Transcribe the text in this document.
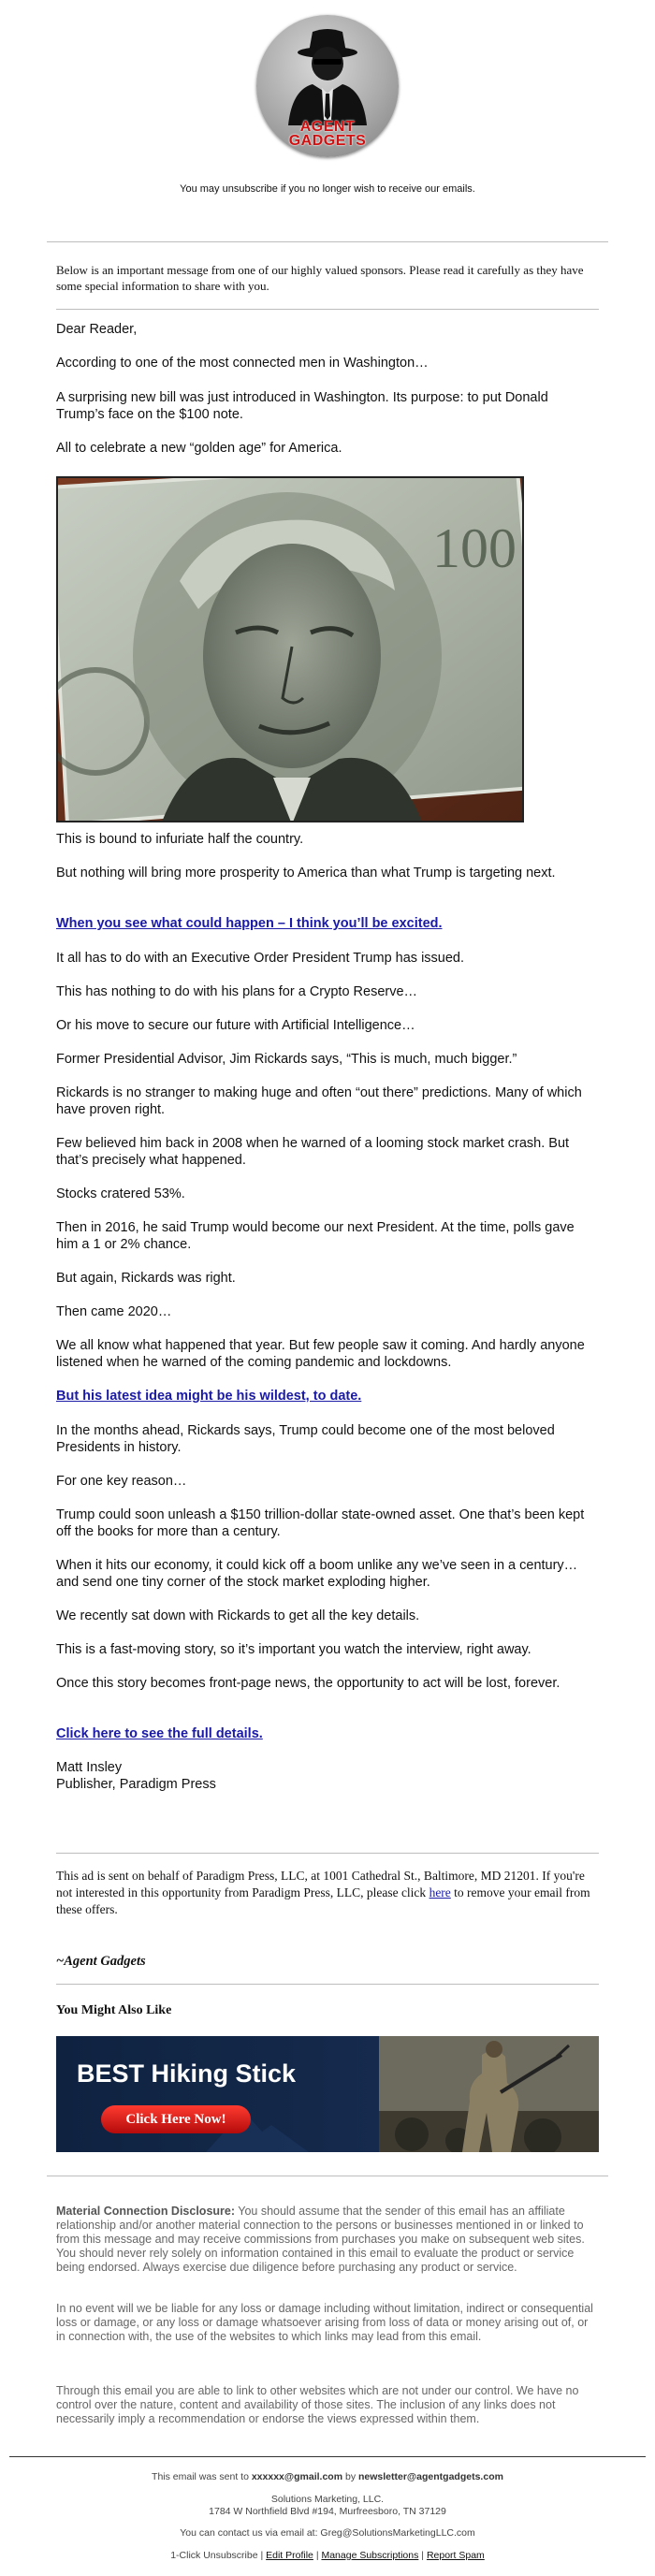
AGENT
GADGETS
You may unsubscribe if you no longer wish to receive our emails.
Below is an important message from one of our highly valued sponsors. Please read it carefully as they have some special information to share with you.

Dear Reader,

According to one of the most connected men in Washington…

A surprising new bill was just introduced in Washington. Its purpose: to put Donald Trump’s face on the $100 note.

All to celebrate a new “golden age” for America.

100

This is bound to infuriate half the country.

But nothing will bring more prosperity to America than what Trump is targeting next.

When you see what could happen – I think you’ll be excited.

It all has to do with an Executive Order President Trump has issued.

This has nothing to do with his plans for a Crypto Reserve…

Or his move to secure our future with Artificial Intelligence…

Former Presidential Advisor, Jim Rickards says, “This is much, much bigger.”

Rickards is no stranger to making huge and often “out there” predictions. Many of which have proven right.

Few believed him back in 2008 when he warned of a looming stock market crash. But that’s precisely what happened.

Stocks cratered 53%.

Then in 2016, he said Trump would become our next President. At the time, polls gave him a 1 or 2% chance.

But again, Rickards was right.

Then came 2020…

We all know what happened that year. But few people saw it coming. And hardly anyone listened when he warned of the coming pandemic and lockdowns.

But his latest idea might be his wildest, to date.

In the months ahead, Rickards says, Trump could become one of the most beloved Presidents in history.

For one key reason…

Trump could soon unleash a $150 trillion-dollar state-owned asset. One that’s been kept off the books for more than a century.

When it hits our economy, it could kick off a boom unlike any we’ve seen in a century… and send one tiny corner of the stock market exploding higher.

We recently sat down with Rickards to get all the key details.

This is a fast-moving story, so it’s important you watch the interview, right away.

Once this story becomes front-page news, the opportunity to act will be lost, forever.

Click here to see the full details.

Matt Insley

Publisher, Paradigm Press

This ad is sent on behalf of Paradigm Press, LLC, at 1001 Cathedral St., Baltimore, MD 21201. If you're not interested in this opportunity from Paradigm Press, LLC, please click here to remove your email from these offers.
~Agent Gadgets
You Might Also Like
BEST Hiking Stick
Click Here Now!
Material Connection Disclosure: You should assume that the sender of this email has an affiliate relationship and/or another material connection to the persons or businesses mentioned in or linked to from this message and may receive commissions from purchases you make on subsequent web sites. You should never rely solely on information contained in this email to evaluate the product or service being endorsed. Always exercise due diligence before purchasing any product or service.
In no event will we be liable for any loss or damage including without limitation, indirect or consequential loss or damage, or any loss or damage whatsoever arising from loss of data or money arising out of, or in connection with, the use of the websites to which links may lead from this email.
Through this email you are able to link to other websites which are not under our control. We have no control over the nature, content and availability of those sites. The inclusion of any links does not necessarily imply a recommendation or endorse the views expressed within them.
This email was sent to xxxxxx@gmail.com by newsletter@agentgadgets.com
Solutions Marketing, LLC.
1784 W Northfield Blvd #194, Murfreesboro, TN 37129
You can contact us via email at: Greg@SolutionsMarketingLLC.com
1-Click Unsubscribe | Edit Profile | Manage Subscriptions | Report Spam
